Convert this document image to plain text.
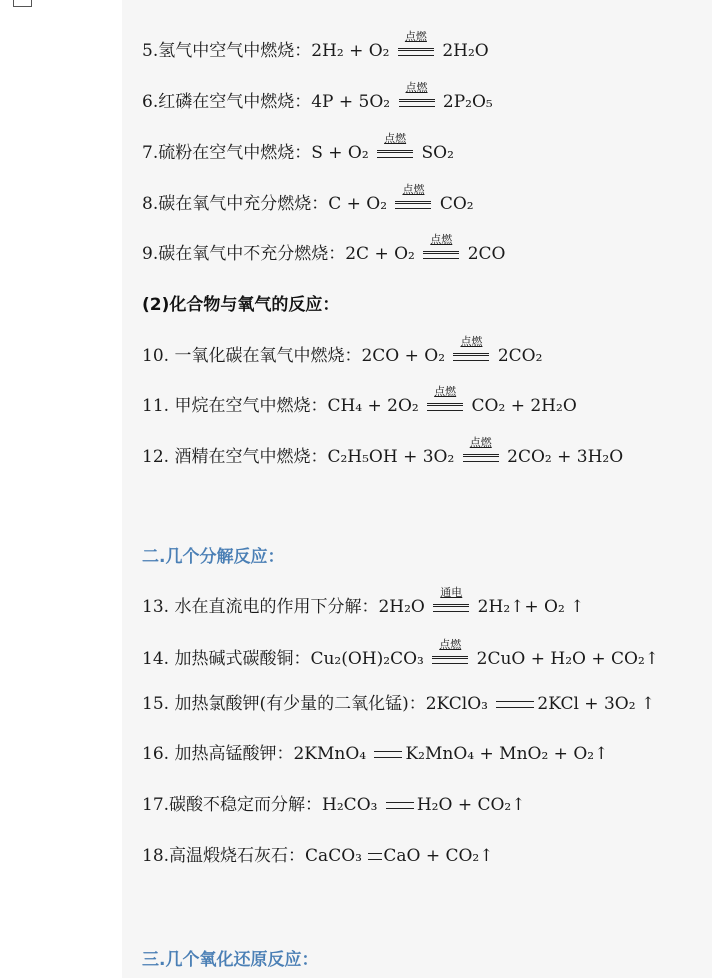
5.氢气中空气中燃烧：2H₂ + O₂
点燃
2H₂O
6.红磷在空气中燃烧：4P + 5O₂
点燃
2P₂O₅
7.硫粉在空气中燃烧：S + O₂
点燃
SO₂
8.碳在氧气中充分燃烧：C + O₂
点燃
CO₂
9.碳在氧气中不充分燃烧：2C + O₂
点燃
2CO
(2)化合物与氧气的反应：
10. 一氧化碳在氧气中燃烧：2CO + O₂
点燃
2CO₂
11. 甲烷在空气中燃烧：CH₄ + 2O₂
点燃
CO₂ + 2H₂O
12. 酒精在空气中燃烧：C₂H₅OH + 3O₂
点燃
2CO₂ + 3H₂O
二.几个分解反应：
13. 水在直流电的作用下分解：2H₂O
通电
2H₂↑+ O₂ ↑
14. 加热碱式碳酸铜：Cu₂(OH)₂CO₃
点燃
2CuO + H₂O + CO₂↑
15. 加热氯酸钾(有少量的二氧化锰)：2KClO₃	2KCl + 3O₂ ↑
16. 加热高锰酸钾：2KMnO₄ K₂MnO₄ + MnO₂ + O₂↑
17.碳酸不稳定而分解：H₂CO₃ H₂O + CO₂↑
18.高温煅烧石灰石：CaCO₃ CaO + CO₂↑
三.几个氧化还原反应：
